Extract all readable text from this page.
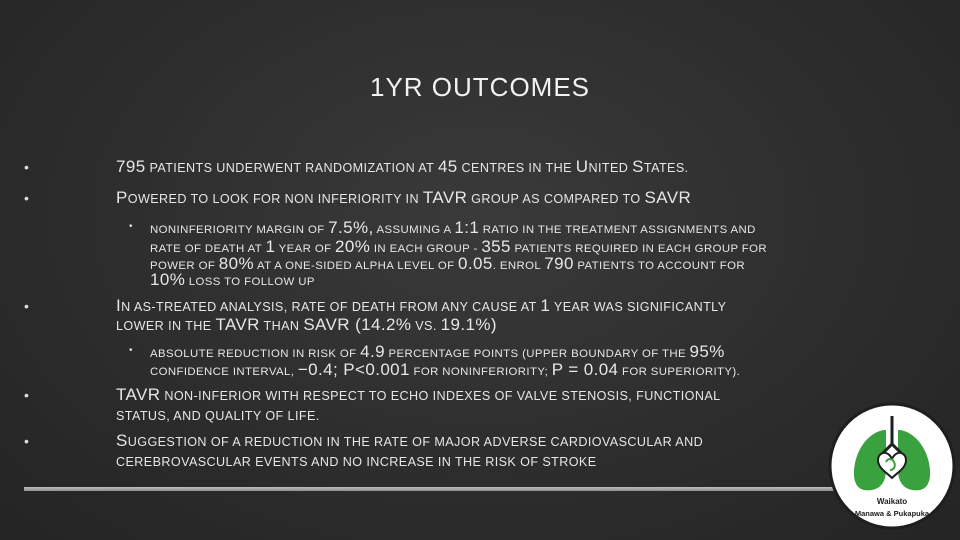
1YR OUTCOMES
•	795 PATIENTS UNDERWENT RANDOMIZATION AT 45 CENTRES IN THE UNITED STATES.
•	POWERED TO LOOK FOR NON INFERIORITY IN TAVR GROUP AS COMPARED TO SAVR
• NONINFERIORITY MARGIN OF 7.5%, ASSUMING A 1:1 RATIO IN THE TREATMENT ASSIGNMENTS AND
RATE OF DEATH AT 1 YEAR OF 20% IN EACH GROUP - 355 PATIENTS REQUIRED IN EACH GROUP FOR
POWER OF 80% AT A ONE-SIDED ALPHA LEVEL OF 0.05. ENROL 790 PATIENTS TO ACCOUNT FOR
10% LOSS TO FOLLOW UP
•	IN AS-TREATED ANALYSIS, RATE OF DEATH FROM ANY CAUSE AT 1 YEAR WAS SIGNIFICANTLY
LOWER IN THE TAVR THAN SAVR (14.2% VS. 19.1%)
• ABSOLUTE REDUCTION IN RISK OF 4.9 PERCENTAGE POINTS (UPPER BOUNDARY OF THE 95%
CONFIDENCE INTERVAL, −0.4; P<0.001 FOR NONINFERIORITY; P = 0.04 FOR SUPERIORITY).
•	TAVR NON-INFERIOR WITH RESPECT TO ECHO INDEXES OF VALVE STENOSIS, FUNCTIONAL
STATUS, AND QUALITY OF LIFE.
•	SUGGESTION OF A REDUCTION IN THE RATE OF MAJOR ADVERSE CARDIOVASCULAR AND
CEREBROVASCULAR EVENTS AND NO INCREASE IN THE RISK OF STROKE
Waikato
Manawa & Pukapuka
